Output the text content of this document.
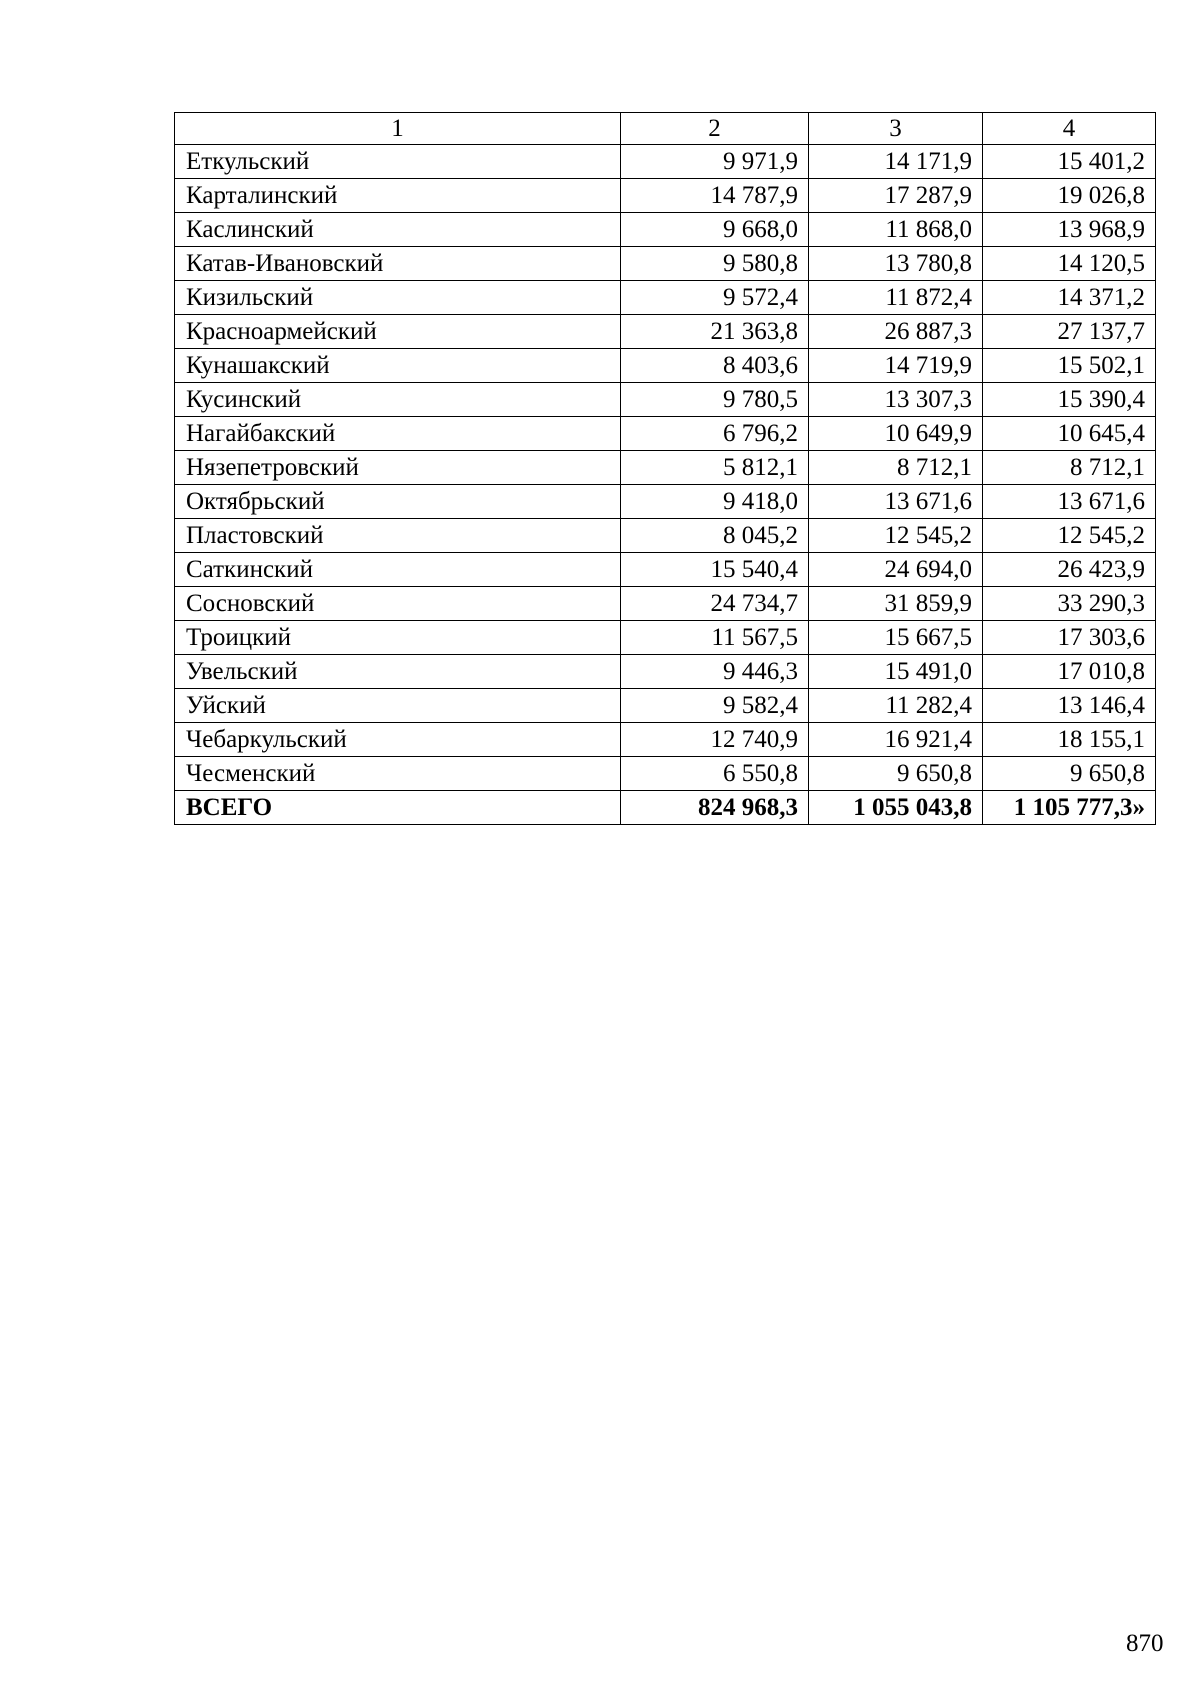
1	2	3	4
Еткульский	9 971,9	14 171,9	15 401,2
Карталинский	14 787,9	17 287,9	19 026,8
Каслинский	9 668,0	11 868,0	13 968,9
Катав-Ивановский	9 580,8	13 780,8	14 120,5
Кизильский	9 572,4	11 872,4	14 371,2
Красноармейский	21 363,8	26 887,3	27 137,7
Кунашакский	8 403,6	14 719,9	15 502,1
Кусинский	9 780,5	13 307,3	15 390,4
Нагайбакский	6 796,2	10 649,9	10 645,4
Нязепетровский	5 812,1	8 712,1	8 712,1
Октябрьский	9 418,0	13 671,6	13 671,6
Пластовский	8 045,2	12 545,2	12 545,2
Саткинский	15 540,4	24 694,0	26 423,9
Сосновский	24 734,7	31 859,9	33 290,3
Троицкий	11 567,5	15 667,5	17 303,6
Увельский	9 446,3	15 491,0	17 010,8
Уйский	9 582,4	11 282,4	13 146,4
Чебаркульский	12 740,9	16 921,4	18 155,1
Чесменский	6 550,8	9 650,8	9 650,8
ВСЕГО	824 968,3	1 055 043,8	1 105 777,3»
870
